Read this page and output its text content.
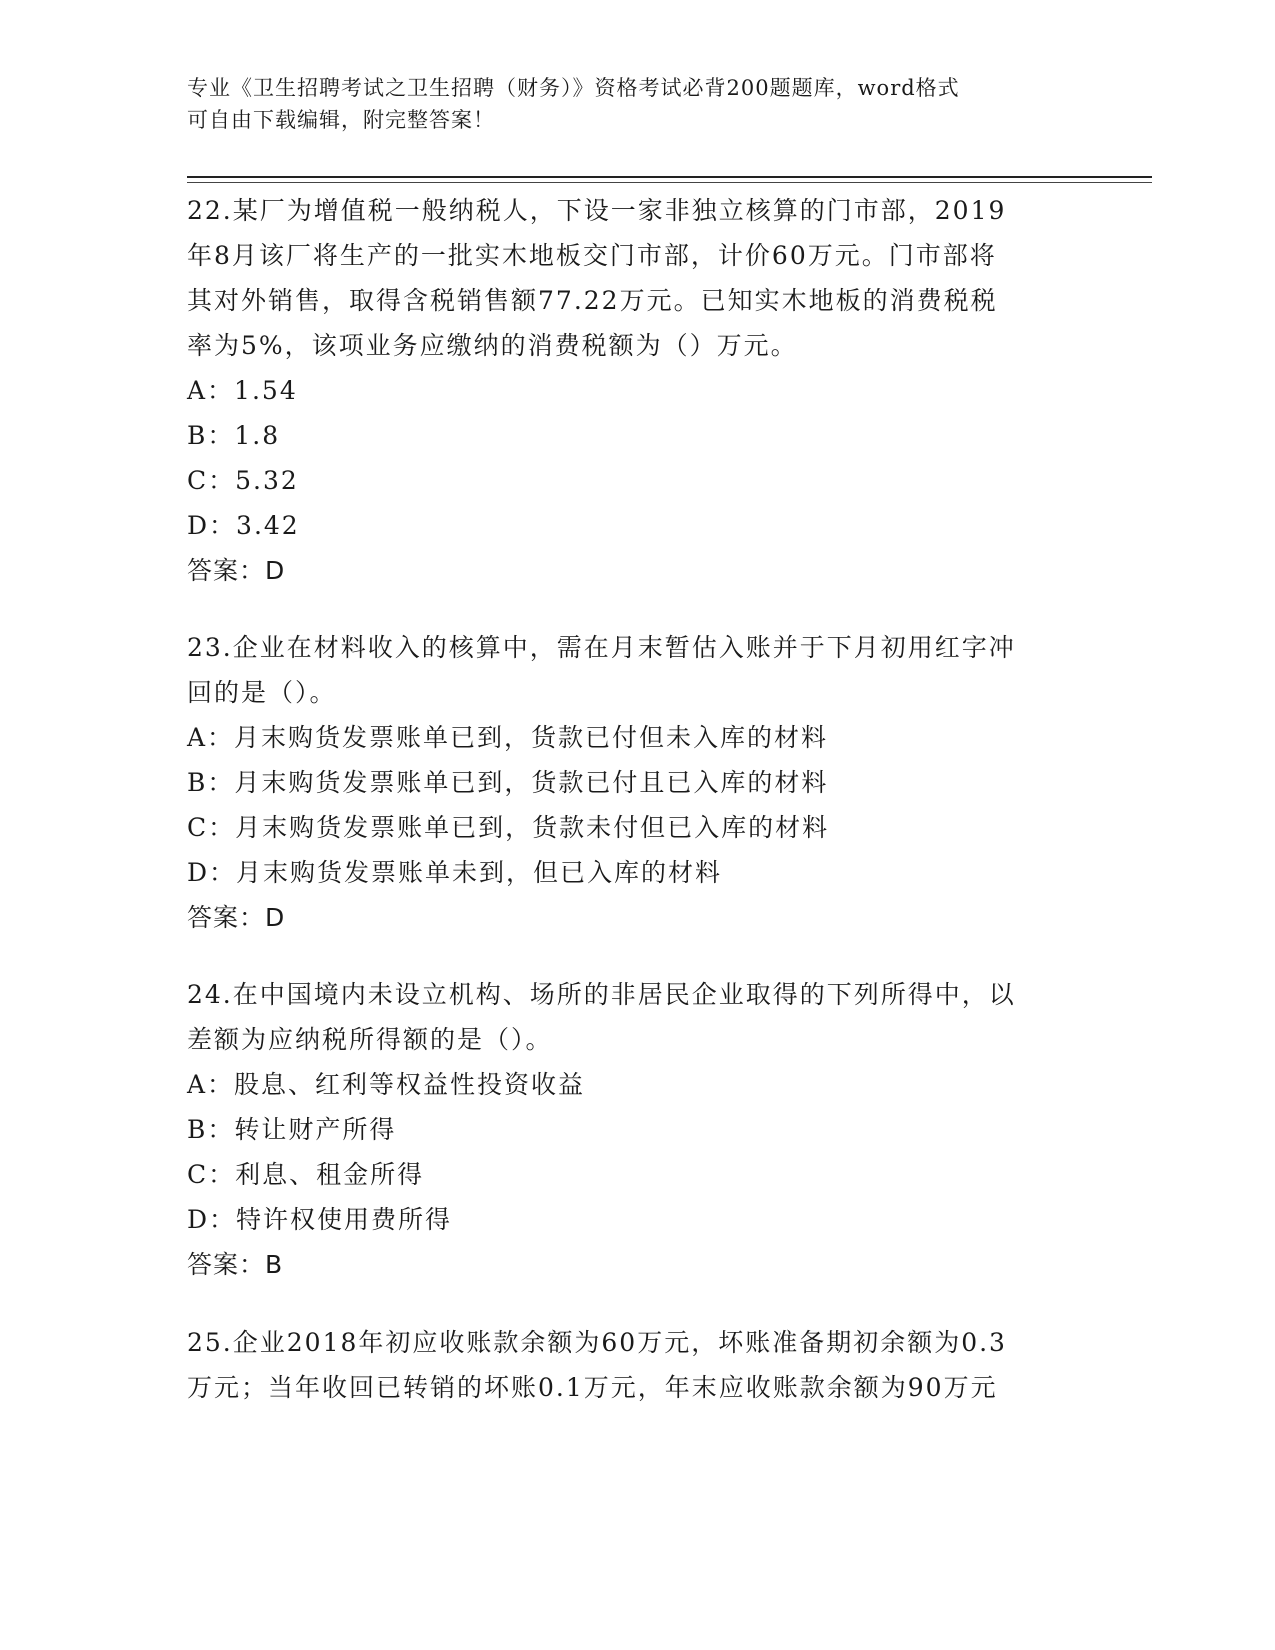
专业《卫生招聘考试之卫生招聘（财务）》资格考试必背200题题库，word格式
可自由下载编辑，附完整答案！
22.某厂为增值税一般纳税人，下设一家非独立核算的门市部，2019
年8月该厂将生产的一批实木地板交门市部，计价60万元。门市部将
其对外销售，取得含税销售额77.22万元。已知实木地板的消费税税
率为5%，该项业务应缴纳的消费税额为（）万元。
A：1.54
B：1.8
C：5.32
D：3.42
答案：D
23.企业在材料收入的核算中，需在月末暂估入账并于下月初用红字冲
回的是（）。
A：月末购货发票账单已到，货款已付但未入库的材料
B：月末购货发票账单已到，货款已付且已入库的材料
C：月末购货发票账单已到，货款未付但已入库的材料
D：月末购货发票账单未到，但已入库的材料
答案：D
24.在中国境内未设立机构、场所的非居民企业取得的下列所得中，以
差额为应纳税所得额的是（）。
A：股息、红利等权益性投资收益
B：转让财产所得
C：利息、租金所得
D：特许权使用费所得
答案：B
25.企业2018年初应收账款余额为60万元，坏账准备期初余额为0.3
万元；当年收回已转销的坏账0.1万元，年末应收账款余额为90万元
